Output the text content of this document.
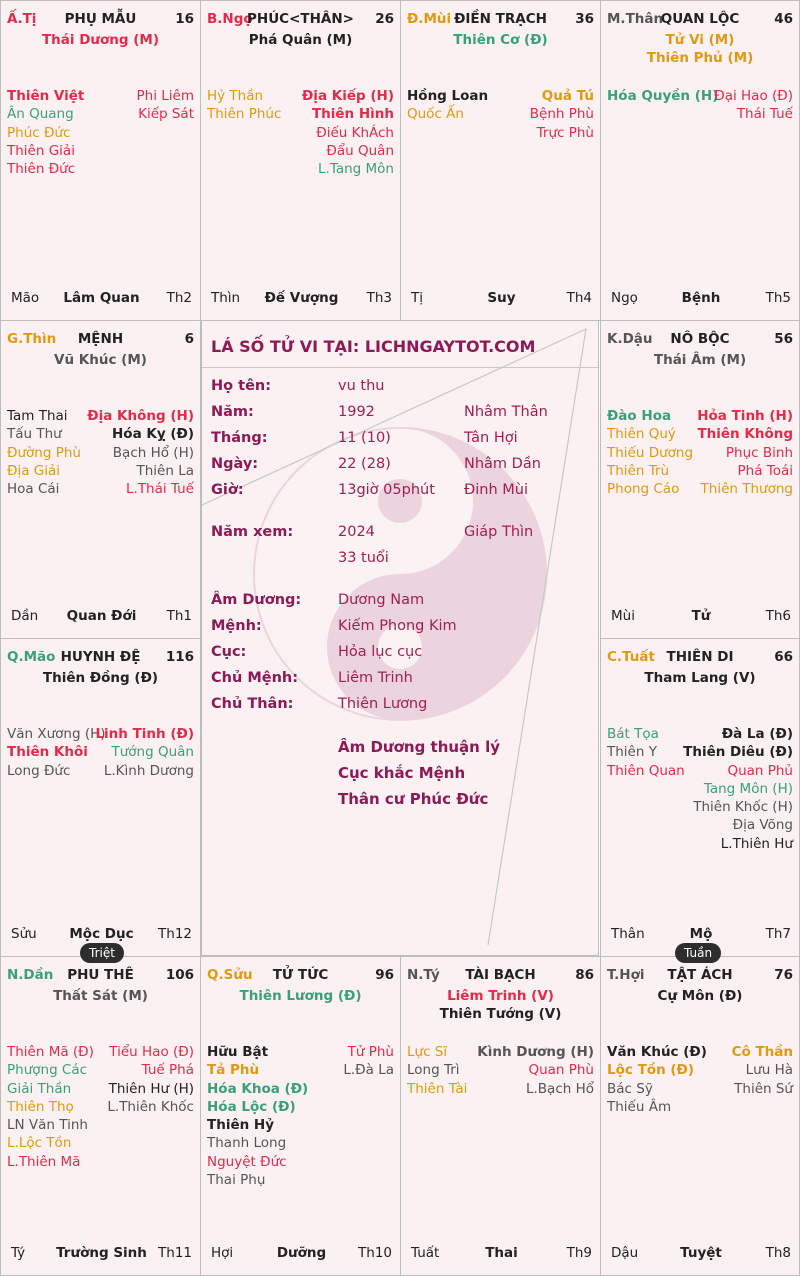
T.Hợi	TẬT ÁCH	76
Cự Môn (Đ)
Văn Khúc (Đ)
Lộc Tồn (Đ)
Bác Sỹ
Thiếu Âm
Cô Thần
Lưu Hà
Thiên Sứ
Dậu	Tuyệt	Th8
N.Tý	TÀI BẠCH	86
Liêm Trinh (V)
Thiên Tướng (V)
Lực Sĩ
Long Trì
Thiên Tài
Kình Dương (H)
Quan Phù
L.Bạch Hổ
Tuất	Thai	Th9
Q.Sửu	TỬ TỨC	96
Thiên Lương (Đ)
Hữu Bật
Tả Phù
Hóa Khoa (Đ)
Hóa Lộc (Đ)
Thiên Hỷ
Thanh Long
Nguyệt Đức
Thai Phụ
Tử Phù
L.Đà La
Hợi	Dưỡng	Th10
N.Dần	PHU THÊ	106
Thất Sát (M)
Thiên Mã (Đ)
Phượng Các
Giải Thần
Thiên Thọ
LN Văn Tinh
L.Lộc Tồn
L.Thiên Mã
Tiểu Hao (Đ)
Tuế Phá
Thiên Hư (H)
L.Thiên Khốc
Tý	Trường Sinh Th11
C.Tuất THIÊN DI	66
Tham Lang (V)
Bát Tọa
Thiên Y
Thiên Quan
Đà La (Đ)
Thiên Diêu (Đ)
Quan Phủ
Tang Môn (H)
Thiên Khốc (H)
Địa Võng
L.Thiên Hư
Thân	Mộ	Th7
Q.Mão HUYNH ĐỆ	116
Thiên Đồng (Đ)
Văn Xương (H)
Thiên Khôi
Long Đức
Linh Tinh (Đ)
Tướng Quân
L.Kình Dương
Sửu	Mộc Dục	Th12
K.Dậu	NÔ BỘC	56
Thái Âm (M)
Đào Hoa
Thiên Quý
Thiếu Dương
Thiên Trù
Phong Cáo
Hỏa Tinh (H)
Thiên Không
Phục Binh
Phá Toái
Thiên Thương
Mùi	Tử	Th6
G.Thìn	MỆNH	6
Vũ Khúc (M)
Tam Thai
Tấu Thư
Đường Phù
Địa Giải
Hoa Cái
Địa Không (H)
Hóa Kỵ (Đ)
Bạch Hổ (H)
Thiên La
L.Thái Tuế
Dần	Quan Đới	Th1
M.Thân
QUAN LỘC	46
Tử Vi (M)
Thiên Phủ (M)
Hóa Quyền (H)
Đại Hao (Đ)
Thái Tuế
Ngọ	Bệnh	Th5
Đ.Mùi ĐIỀN TRẠCH	36
Thiên Cơ (Đ)
Hồng Loan
Quốc Ấn
Quả Tú
Bệnh Phù
Trực Phù
Tị	Suy	Th4
B.Ngọ
PHÚC<THÂN>	26
Phá Quân (M)
Hỷ Thần
Thiên Phúc
Địa Kiếp (H)
Thiên Hình
Điếu KhÁch
Đẩu Quân
L.Tang Môn
Thìn	Đế Vượng	Th3
Ấ.Tị	PHỤ MẪU	16
Thái Dương (M)
Thiên Việt
Ân Quang
Phúc Đức
Thiên Giải
Thiên Đức
Phi Liêm
Kiếp Sát
Mão	Lâm Quan	Th2
LÁ SỐ TỬ VI TẠI: LICHNGAYTOT.COM
Họ tên:	vu thu
Năm:	1992	Nhâm Thân
Tháng:	11 (10)	Tân Hợi
Ngày:	22 (28)	Nhâm Dần
Giờ:	13giờ 05phút Đinh Mùi
Năm xem:	2024	Giáp Thìn
33 tuổi
Âm Dương:	Dương Nam
Mệnh:	Kiếm Phong Kim
Cục:	Hỏa lục cục
Chủ Mệnh:	Liêm Trinh
Chủ Thân:	Thiên Lương
Âm Dương thuận lý
Cục khắc Mệnh
Thân cư Phúc Đức
Triệt	Tuần
